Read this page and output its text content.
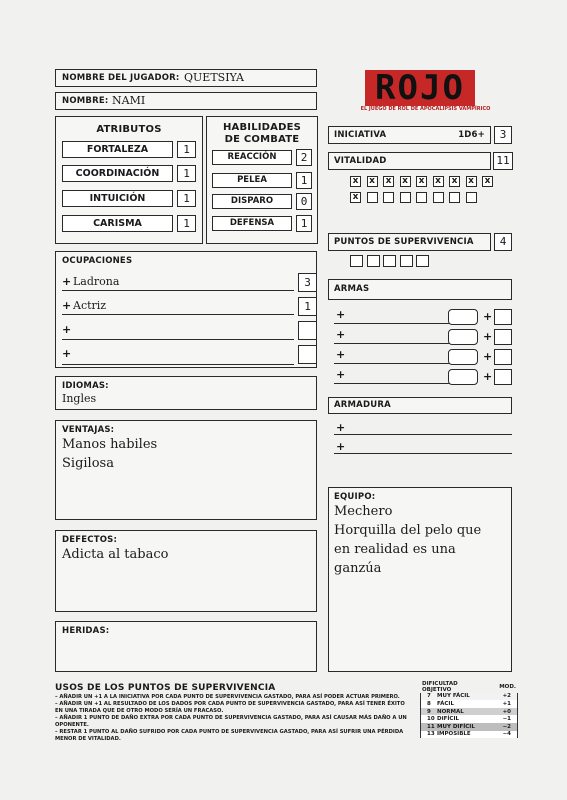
NOMBRE DEL JUGADOR: QUETSIYA
NOMBRE: NAMI	ROJO
EL JUEGO DE ROL DE APOCALIPSIS VAMPÍRICO
ATRIBUTOS
FORTALEZA	1
COORDINACIÓN	1
INTUICIÓN	1
CARISMA	1
HABILIDADES
DE COMBATE
REACCIÓN	2
PELEA	1
DISPARO	0
DEFENSA	1
INICIATIVA	1D6+	3
VITALIDAD	11
x x x x x x x x x
x
PUNTOS DE SUPERVIVENCIA	4
OCUPACIONES
+ Ladrona	3
+ Actriz	1
+
+
ARMAS
+	+
+	+
+	+
+	+
IDIOMAS:
Ingles	ARMADURA
+
+
VENTAJAS:
Manos habiles
Sigilosa
EQUIPO:
Mechero
Horquilla del pelo que
en realidad es una
ganzúa
DEFECTOS:
Adicta al tabaco
HERIDAS:
USOS DE LOS PUNTOS DE SUPERVIVENCIA
– AÑADIR UN +1 A LA INICIATIVA POR CADA PUNTO DE SUPERVIVENCIA GASTADO, PARA ASÍ PODER ACTUAR PRIMERO.
– AÑADIR UN +1 AL RESULTADO DE LOS DADOS POR CADA PUNTO DE SUPERVIVENCIA GASTADO, PARA ASÍ TENER ÉXITO EN UNA TIRADA QUE DE OTRO MODO SERÍA UN FRACASO.
– AÑADIR 1 PUNTO DE DAÑO EXTRA POR CADA PUNTO DE SUPERVIVENCIA GASTADO, PARA ASÍ CAUSAR MÁS DAÑO A UN OPONENTE.
– RESTAR 1 PUNTO AL DAÑO SUFRIDO POR CADA PUNTO DE SUPERVIVENCIA GASTADO, PARA ASÍ SUFRIR UNA PÉRDIDA MENOR DE VITALIDAD.
DIFICULTAD OBJETIVO	MOD.
7	MUY FÁCIL	+2
8	FÁCIL	+1
9	NORMAL	+0
10 DIFÍCIL	−1
11 MUY DIFÍCIL	−2
13 IMPOSIBLE	−4
